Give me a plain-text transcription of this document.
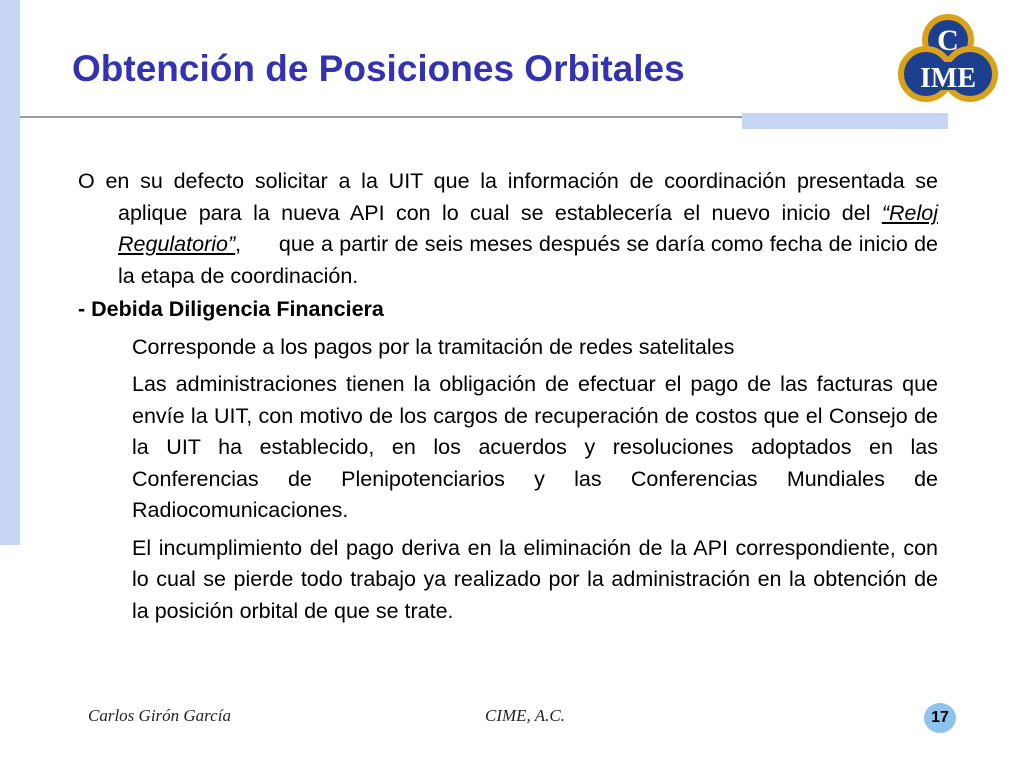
Obtención de Posiciones Orbitales
C
IME

O en su defecto solicitar a la UIT que la información de coordinación presentada se aplique para la nueva API con lo cual se establecería el nuevo inicio del “Reloj Regulatorio”,      que a partir de seis meses después se daría como fecha de inicio de la etapa de coordinación.

- Debida Diligencia Financiera

Corresponde a los pagos por la tramitación de redes satelitales

Las administraciones tienen la obligación de efectuar el pago de las facturas que envíe la UIT, con motivo de los cargos de recuperación de costos que el Consejo de la UIT ha establecido, en los acuerdos y resoluciones adoptados en las Conferencias de Plenipotenciarios y las Conferencias Mundiales de Radiocomunicaciones.

El incumplimiento del pago deriva en la eliminación de la API correspondiente, con lo cual se pierde todo trabajo ya realizado por la administración en la obtención de la posición orbital de que se trate.

Carlos Girón García	CIME, A.C.	17
